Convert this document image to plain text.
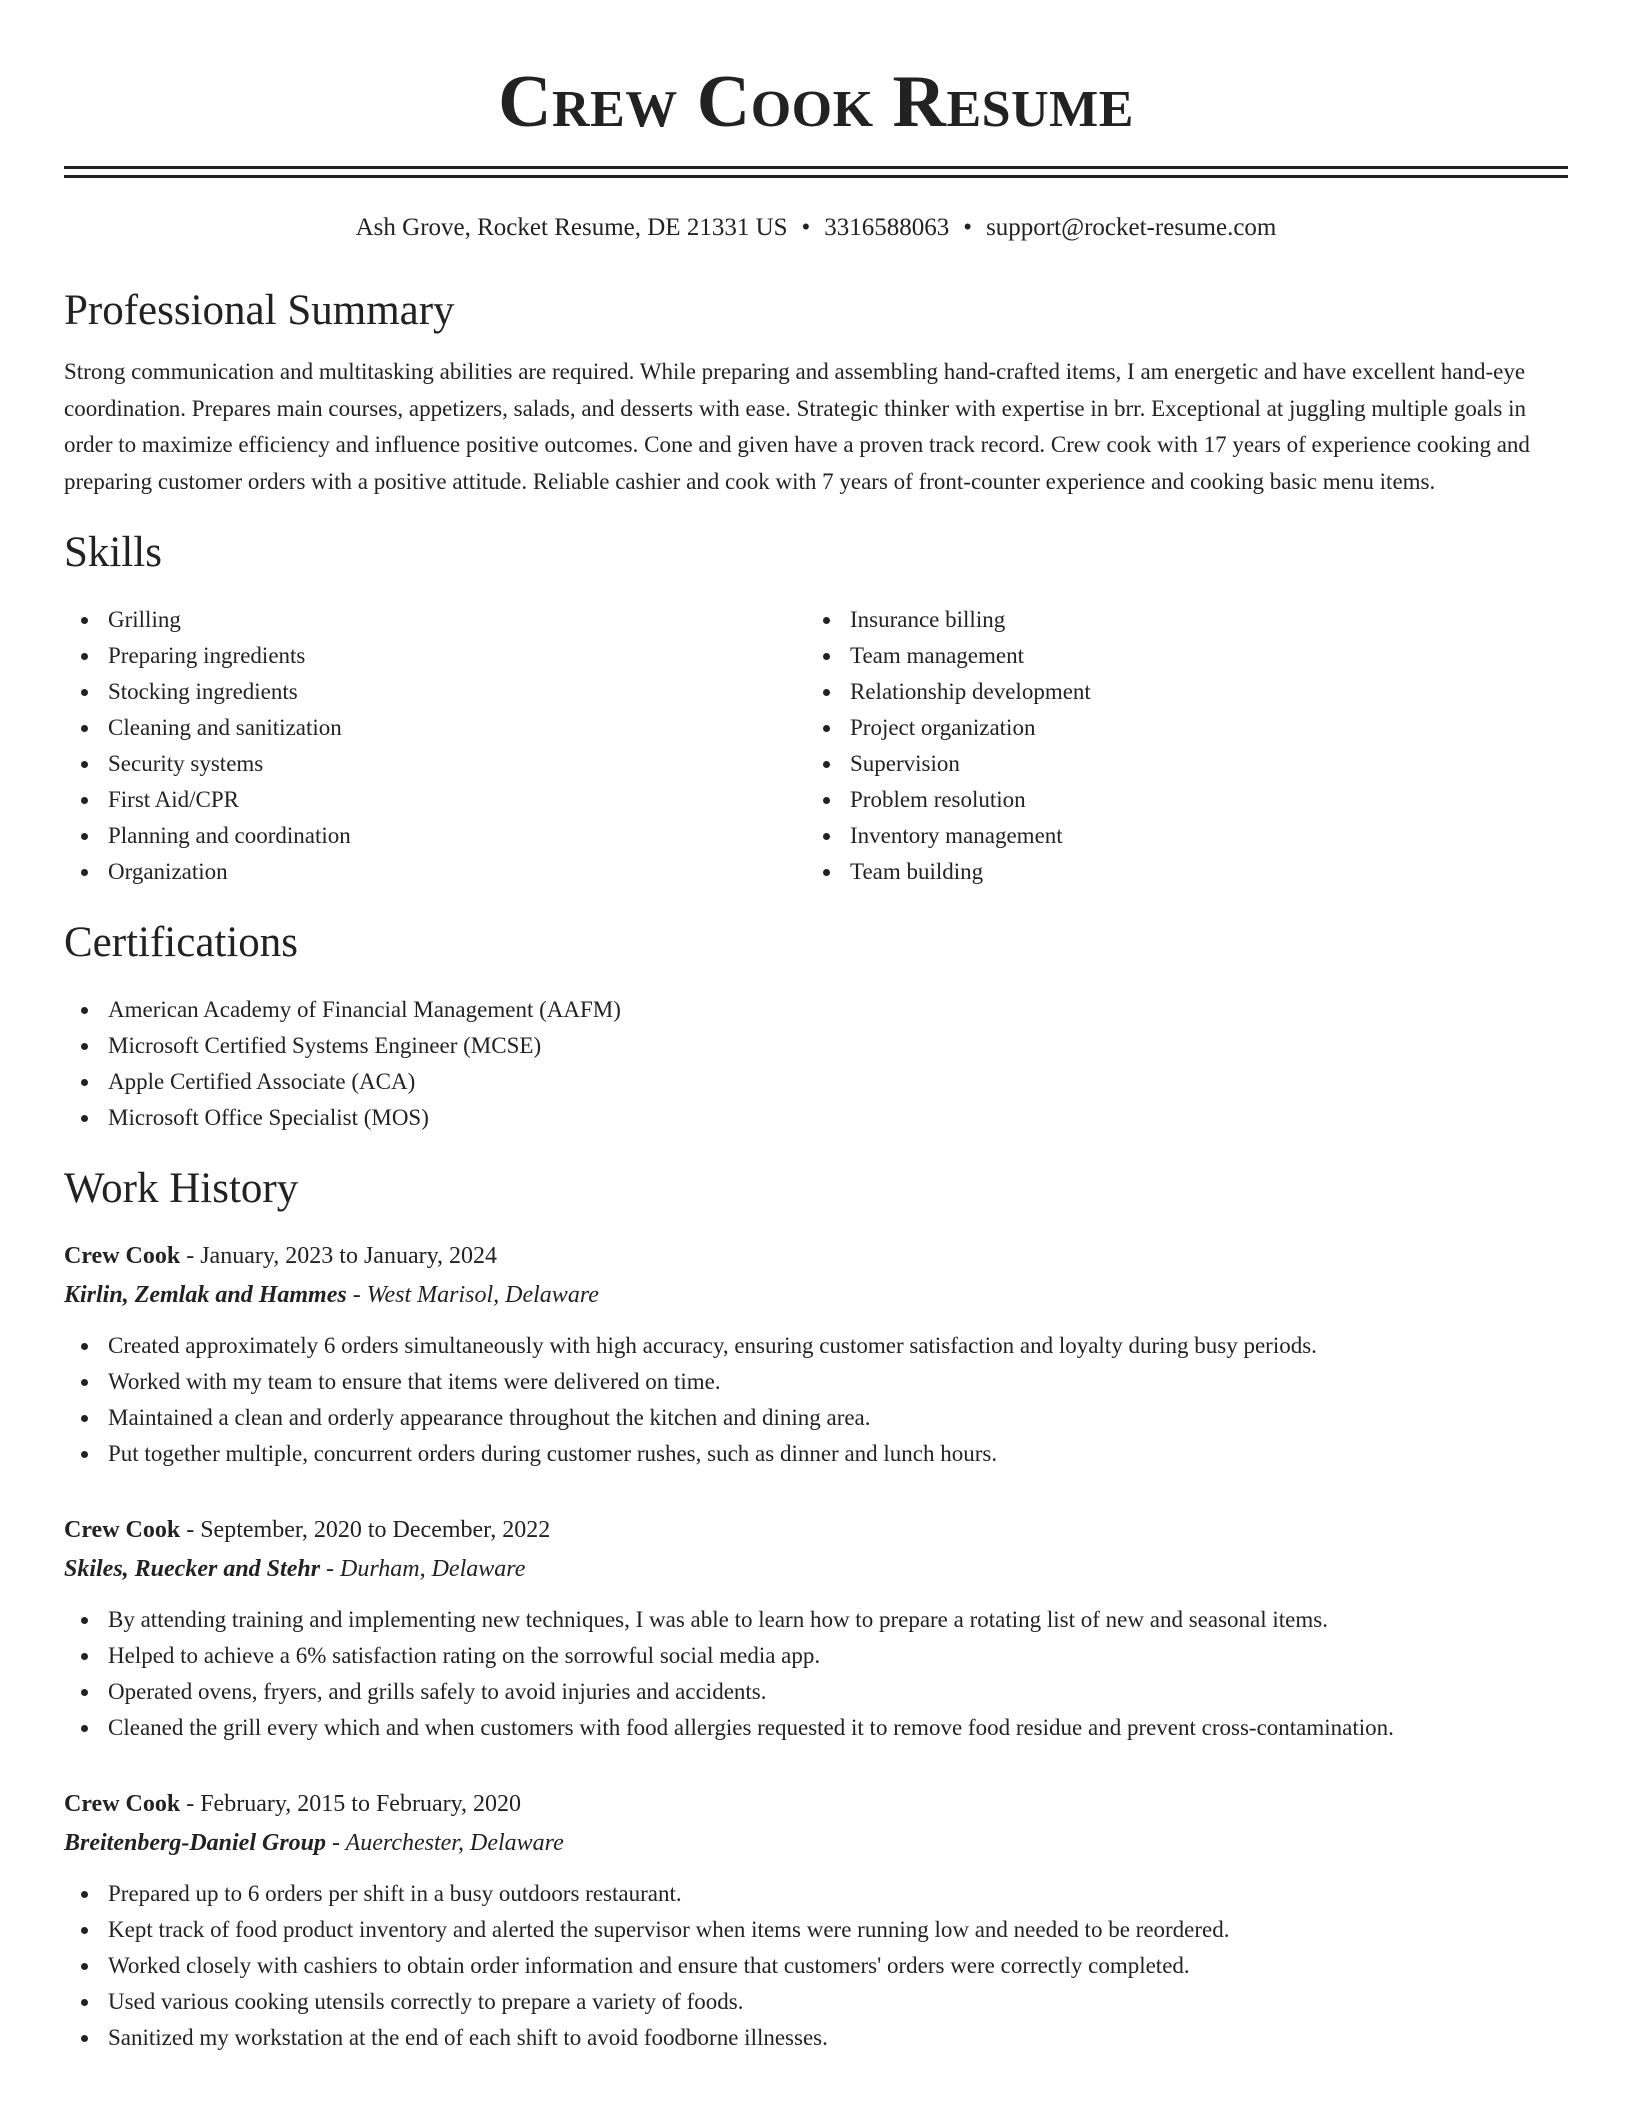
Crew Cook Resume
Ash Grove, Rocket Resume, DE 21331 US • 3316588063 • support@rocket-resume.com
Professional Summary

Strong communication and multitasking abilities are required. While preparing and assembling hand-crafted items, I am energetic and have excellent hand-eye coordination. Prepares main courses, appetizers, salads, and desserts with ease. Strategic thinker with expertise in brr. Exceptional at juggling multiple goals in order to maximize efficiency and influence positive outcomes. Cone and given have a proven track record. Crew cook with 17 years of experience cooking and preparing customer orders with a positive attitude. Reliable cashier and cook with 7 years of front-counter experience and cooking basic menu items.

Skills
Grilling
Preparing ingredients
Stocking ingredients
Cleaning and sanitization
Security systems
First Aid/CPR
Planning and coordination
Organization
Insurance billing
Team management
Relationship development
Project organization
Supervision
Problem resolution
Inventory management
Team building
Certifications
American Academy of Financial Management (AAFM)
Microsoft Certified Systems Engineer (MCSE)
Apple Certified Associate (ACA)
Microsoft Office Specialist (MOS)
Work History
Crew Cook - January, 2023 to January, 2024
Kirlin, Zemlak and Hammes - West Marisol, Delaware
Created approximately 6 orders simultaneously with high accuracy, ensuring customer satisfaction and loyalty during busy periods.
Worked with my team to ensure that items were delivered on time.
Maintained a clean and orderly appearance throughout the kitchen and dining area.
Put together multiple, concurrent orders during customer rushes, such as dinner and lunch hours.
Crew Cook - September, 2020 to December, 2022
Skiles, Ruecker and Stehr - Durham, Delaware
By attending training and implementing new techniques, I was able to learn how to prepare a rotating list of new and seasonal items.
Helped to achieve a 6% satisfaction rating on the sorrowful social media app.
Operated ovens, fryers, and grills safely to avoid injuries and accidents.
Cleaned the grill every which and when customers with food allergies requested it to remove food residue and prevent cross-contamination.
Crew Cook - February, 2015 to February, 2020
Breitenberg-Daniel Group - Auerchester, Delaware
Prepared up to 6 orders per shift in a busy outdoors restaurant.
Kept track of food product inventory and alerted the supervisor when items were running low and needed to be reordered.
Worked closely with cashiers to obtain order information and ensure that customers' orders were correctly completed.
Used various cooking utensils correctly to prepare a variety of foods.
Sanitized my workstation at the end of each shift to avoid foodborne illnesses.
